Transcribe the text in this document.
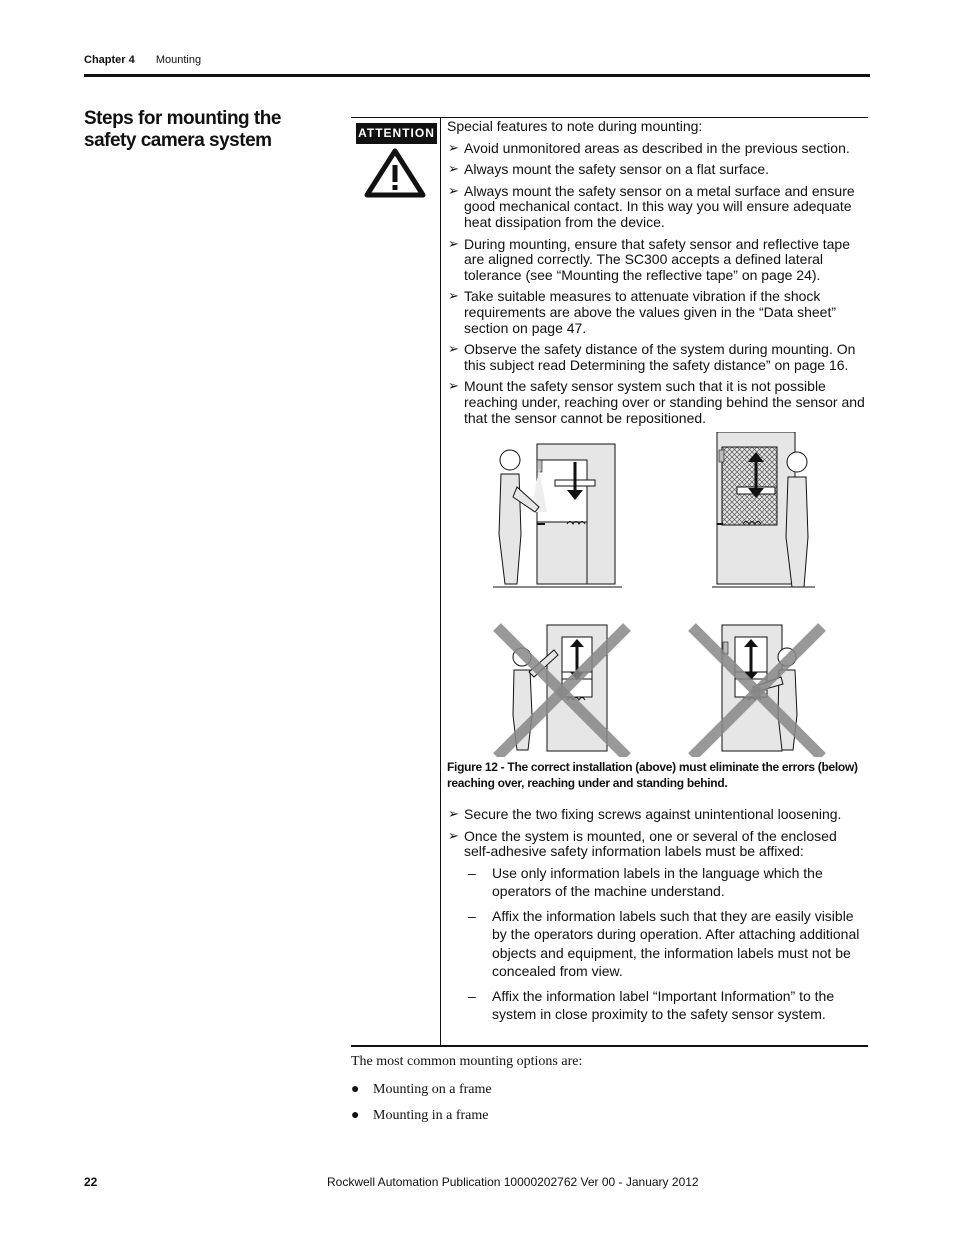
Chapter 4 Mounting
Steps for mounting the safety camera system	ATTENTION Special features to note during mounting:
➢ Avoid unmonitored areas as described in the previous section.
➢ Always mount the safety sensor on a flat surface.
➢ Always mount the safety sensor on a metal surface and ensure good mechanical contact. In this way you will ensure adequate heat dissipation from the device.
➢ During mounting, ensure that safety sensor and reflective tape are aligned correctly. The SC300 accepts a defined lateral tolerance (see “Mounting the reflective tape” on page 24).
➢ Take suitable measures to attenuate vibration if the shock requirements are above the values given in the “Data sheet” section on page 47.
➢ Observe the safety distance of the system during mounting. On this subject read Determining the safety distance” on page 16.
➢ Mount the safety sensor system such that it is not possible reaching under, reaching over or standing behind the sensor and that the sensor cannot be repositioned.
Figure 12 - The correct installation (above) must eliminate the errors (below) reaching over, reaching under and standing behind.
➢ Secure the two fixing screws against unintentional loosening.
➢ Once the system is mounted, one or several of the enclosed self-adhesive safety information labels must be affixed:
– Use only information labels in the language which the operators of the machine understand.
– Affix the information labels such that they are easily visible by the operators during operation. After attaching additional objects and equipment, the information labels must not be concealed from view.
– Affix the information label “Important Information” to the system in close proximity to the safety sensor system.

The most common mounting options are:

● Mounting on a frame
● Mounting in a frame
22	Rockwell Automation Publication 10000202762 Ver 00 - January 2012
